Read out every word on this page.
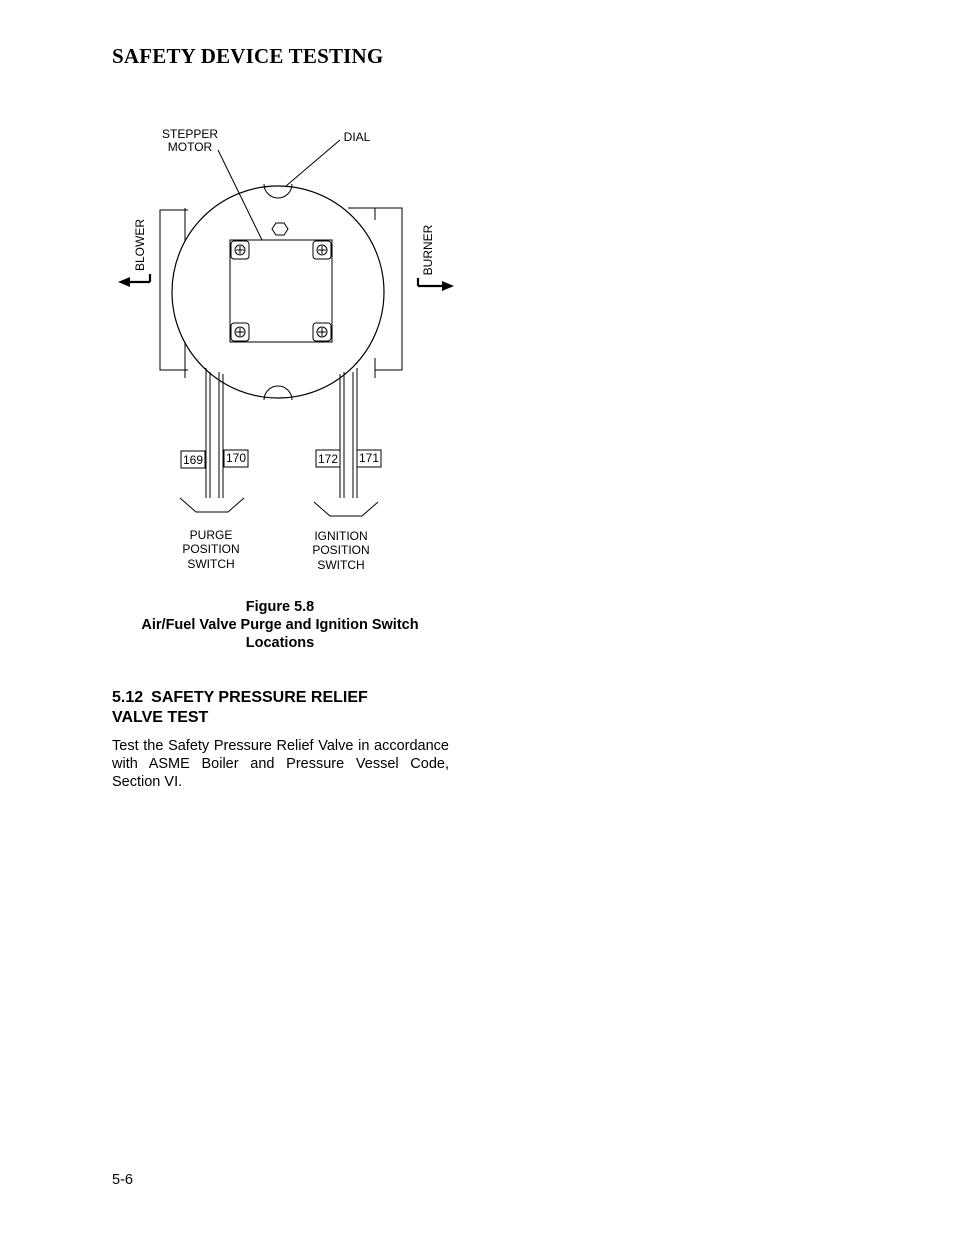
SAFETY DEVICE TESTING
STEPPER
MOTOR
DIAL
BLOWER	BURNER
169 170	172 171
PURGE
POSITION
SWITCH
IGNITION
POSITION
SWITCH
Figure 5.8
Air/Fuel Valve Purge and Ignition Switch
Locations
5.12 SAFETY PRESSURE RELIEF
VALVE TEST

Test the Safety Pressure Relief Valve in accordance with ASME Boiler and Pressure Vessel Code, Section VI.

5-6
